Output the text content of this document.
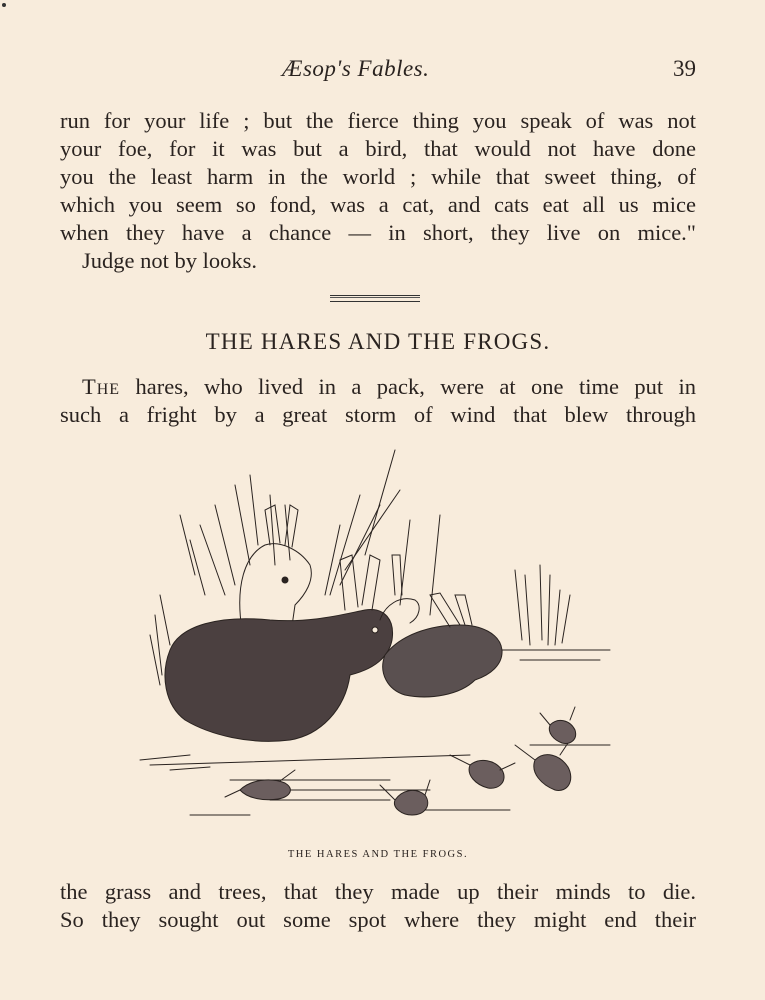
Æsop's Fables.	39
run for your life ; but the fierce thing you speak of was not
your foe, for it was but a bird, that would not have done
you the least harm in the world ; while that sweet thing, of
which you seem so fond, was a cat, and cats eat all us mice
when they have a chance — in short, they live on mice."
Judge not by looks.
THE HARES AND THE FROGS.
The hares, who lived in a pack, were at one time put in
such a fright by a great storm of wind that blew through
THE HARES AND THE FROGS.
the grass and trees, that they made up their minds to die.
So they sought out some spot where they might end their
